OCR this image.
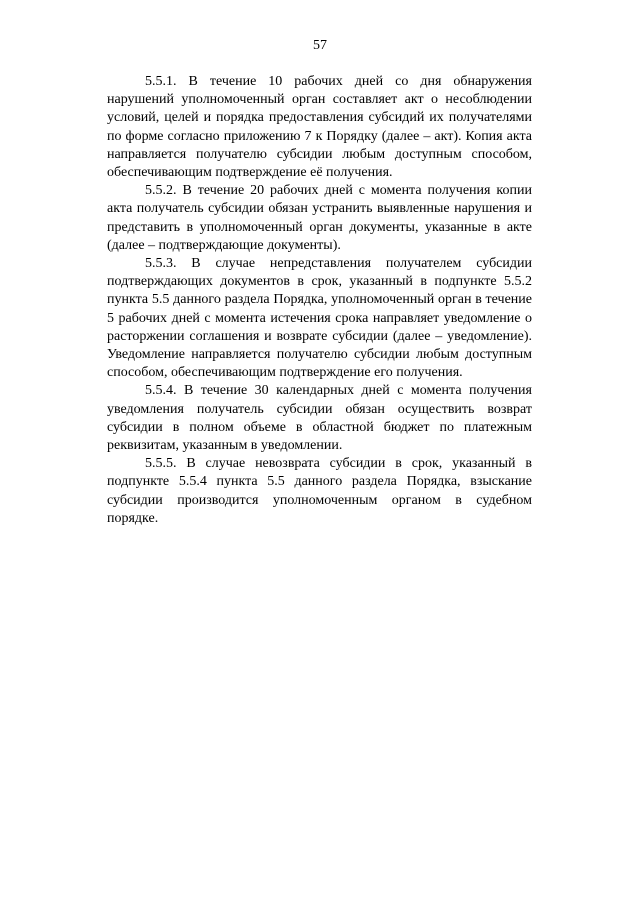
57

5.5.1. В течение 10 рабочих дней со дня обнаружения нарушений уполномоченный орган составляет акт о несоблюдении условий, целей и порядка предоставления субсидий их получателями по форме согласно приложению 7 к Порядку (далее – акт). Копия акта направляется получателю субсидии любым доступным способом, обеспечивающим подтверждение её получения.

5.5.2. В течение 20 рабочих дней с момента получения копии акта получатель субсидии обязан устранить выявленные нарушения и представить в уполномоченный орган документы, указанные в акте (далее – подтверждающие документы).

5.5.3. В случае непредставления получателем субсидии подтверждающих документов в срок, указанный в подпункте 5.5.2 пункта 5.5 данного раздела Порядка, уполномоченный орган в течение 5 рабочих дней с момента истечения срока направляет уведомление о расторжении соглашения и возврате субсидии (далее – уведомление). Уведомление направляется получателю субсидии любым доступным способом, обеспечивающим подтверждение его получения.

5.5.4. В течение 30 календарных дней с момента получения уведомления получатель субсидии обязан осуществить возврат субсидии в полном объеме в областной бюджет по платежным реквизитам, указанным в уведомлении.

5.5.5. В случае невозврата субсидии в срок, указанный в подпункте 5.5.4 пункта 5.5 данного раздела Порядка, взыскание субсидии производится уполномоченным органом в судебном порядке.
